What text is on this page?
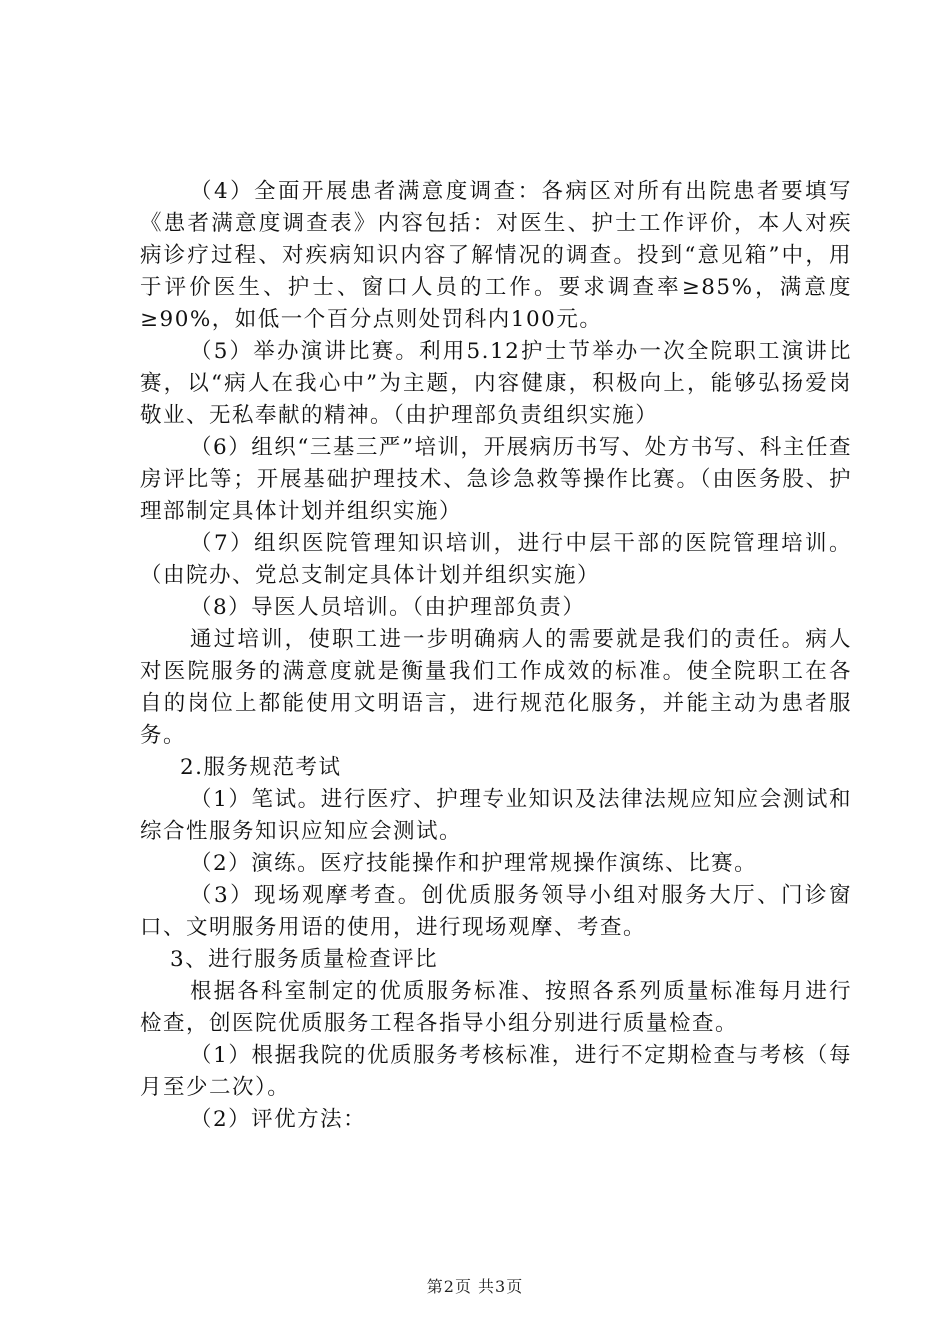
（4）全面开展患者满意度调查：各病区对所有出院患者要填写《患者满意度调查表》内容包括：对医生、护士工作评价，本人对疾病诊疗过程、对疾病知识内容了解情况的调查。投到“意见箱”中，用于评价医生、护士、窗口人员的工作。要求调查率≥85%，满意度≥90%，如低一个百分点则处罚科内100元。

（5）举办演讲比赛。利用5.12护士节举办一次全院职工演讲比赛，以“病人在我心中”为主题，内容健康，积极向上，能够弘扬爱岗敬业、无私奉献的精神。（由护理部负责组织实施）

（6）组织“三基三严”培训，开展病历书写、处方书写、科主任查房评比等；开展基础护理技术、急诊急救等操作比赛。（由医务股、护理部制定具体计划并组织实施）

（7）组织医院管理知识培训，进行中层干部的医院管理培训。（由院办、党总支制定具体计划并组织实施）

（8）导医人员培训。（由护理部负责）

通过培训，使职工进一步明确病人的需要就是我们的责任。病人对医院服务的满意度就是衡量我们工作成效的标准。使全院职工在各自的岗位上都能使用文明语言，进行规范化服务，并能主动为患者服务。

2.服务规范考试

（1）笔试。进行医疗、护理专业知识及法律法规应知应会测试和综合性服务知识应知应会测试。

（2）演练。医疗技能操作和护理常规操作演练、比赛。

（3）现场观摩考查。创优质服务领导小组对服务大厅、门诊窗口、文明服务用语的使用，进行现场观摩、考查。

3、进行服务质量检查评比

根据各科室制定的优质服务标准、按照各系列质量标准每月进行检查，创医院优质服务工程各指导小组分别进行质量检查。

（1）根据我院的优质服务考核标准，进行不定期检查与考核（每月至少二次）。

（2）评优方法：

第2页 共3页
